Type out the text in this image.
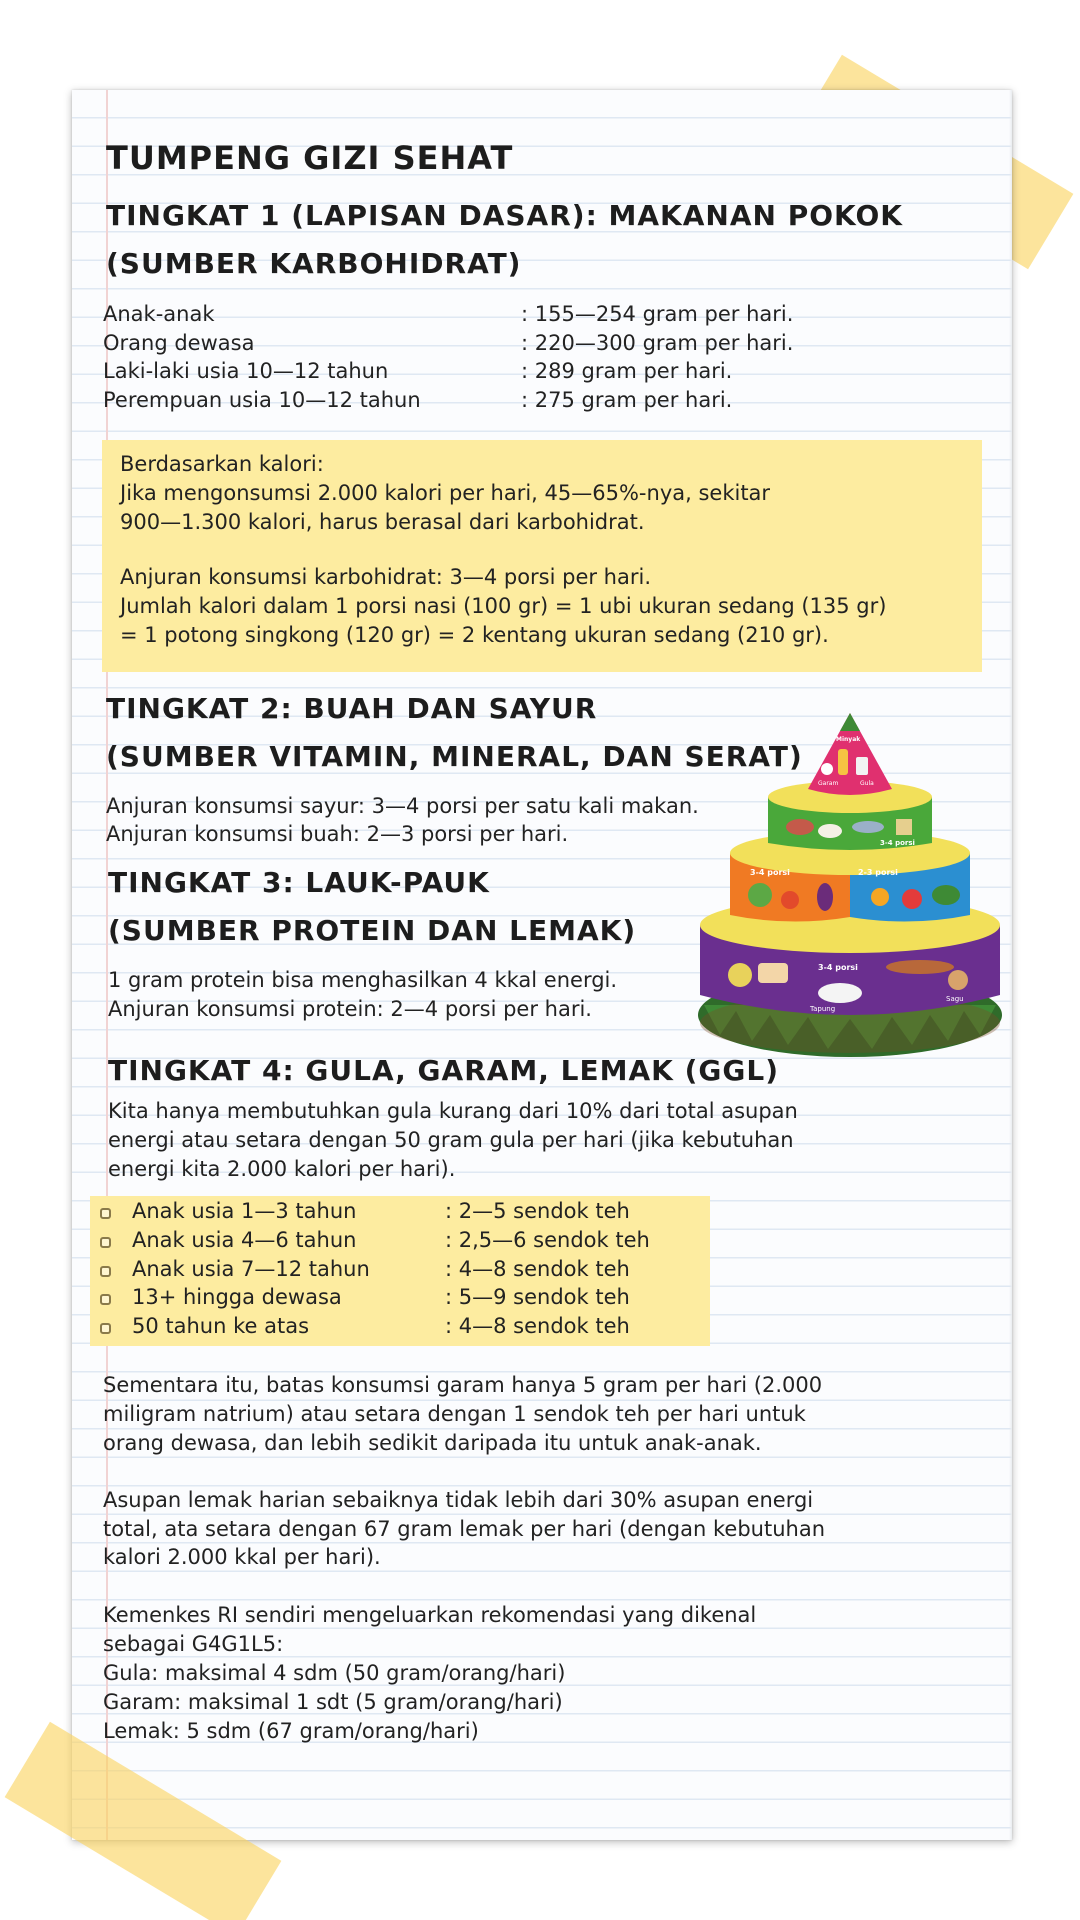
TUMPENG GIZI SEHAT
TINGKAT 1 (LAPISAN DASAR): MAKANAN POKOK
(SUMBER KARBOHIDRAT)
Anak-anak	: 155—254 gram per hari.
Orang dewasa	: 220—300 gram per hari.
Laki-laki usia 10—12 tahun	: 289 gram per hari.
Perempuan usia 10—12 tahun	: 275 gram per hari.
Berdasarkan kalori:
Jika mengonsumsi 2.000 kalori per hari, 45—65%-nya, sekitar
900—1.300 kalori, harus berasal dari karbohidrat.
Anjuran konsumsi karbohidrat: 3—4 porsi per hari.
Jumlah kalori dalam 1 porsi nasi (100 gr) = 1 ubi ukuran sedang (135 gr)
= 1 potong singkong (120 gr) = 2 kentang ukuran sedang (210 gr).
TINGKAT 2: BUAH DAN SAYUR
(SUMBER VITAMIN, MINERAL, DAN SERAT)
Anjuran konsumsi sayur: 3—4 porsi per satu kali makan.
Anjuran konsumsi buah: 2—3 porsi per hari.
TINGKAT 3: LAUK-PAUK
(SUMBER PROTEIN DAN LEMAK)
1 gram protein bisa menghasilkan 4 kkal energi.
Anjuran konsumsi protein: 2—4 porsi per hari.
3-4 porsi
Tapung
Sagu
3-4 porsi	2-3 porsi
3-4 porsi
Minyak
Garam	Gula
TINGKAT 4: GULA, GARAM, LEMAK (GGL)
Kita hanya membutuhkan gula kurang dari 10% dari total asupan
energi atau setara dengan 50 gram gula per hari (jika kebutuhan
energi kita 2.000 kalori per hari).
Anak usia 1—3 tahun	: 2—5 sendok teh
Anak usia 4—6 tahun	: 2,5—6 sendok teh
Anak usia 7—12 tahun	: 4—8 sendok teh
13+ hingga dewasa	: 5—9 sendok teh
50 tahun ke atas	: 4—8 sendok teh
Sementara itu, batas konsumsi garam hanya 5 gram per hari (2.000
miligram natrium) atau setara dengan 1 sendok teh per hari untuk
orang dewasa, dan lebih sedikit daripada itu untuk anak-anak.
Asupan lemak harian sebaiknya tidak lebih dari 30% asupan energi
total, ata setara dengan 67 gram lemak per hari (dengan kebutuhan
kalori 2.000 kkal per hari).
Kemenkes RI sendiri mengeluarkan rekomendasi yang dikenal
sebagai G4G1L5:
Gula: maksimal 4 sdm (50 gram/orang/hari)
Garam: maksimal 1 sdt (5 gram/orang/hari)
Lemak: 5 sdm (67 gram/orang/hari)
